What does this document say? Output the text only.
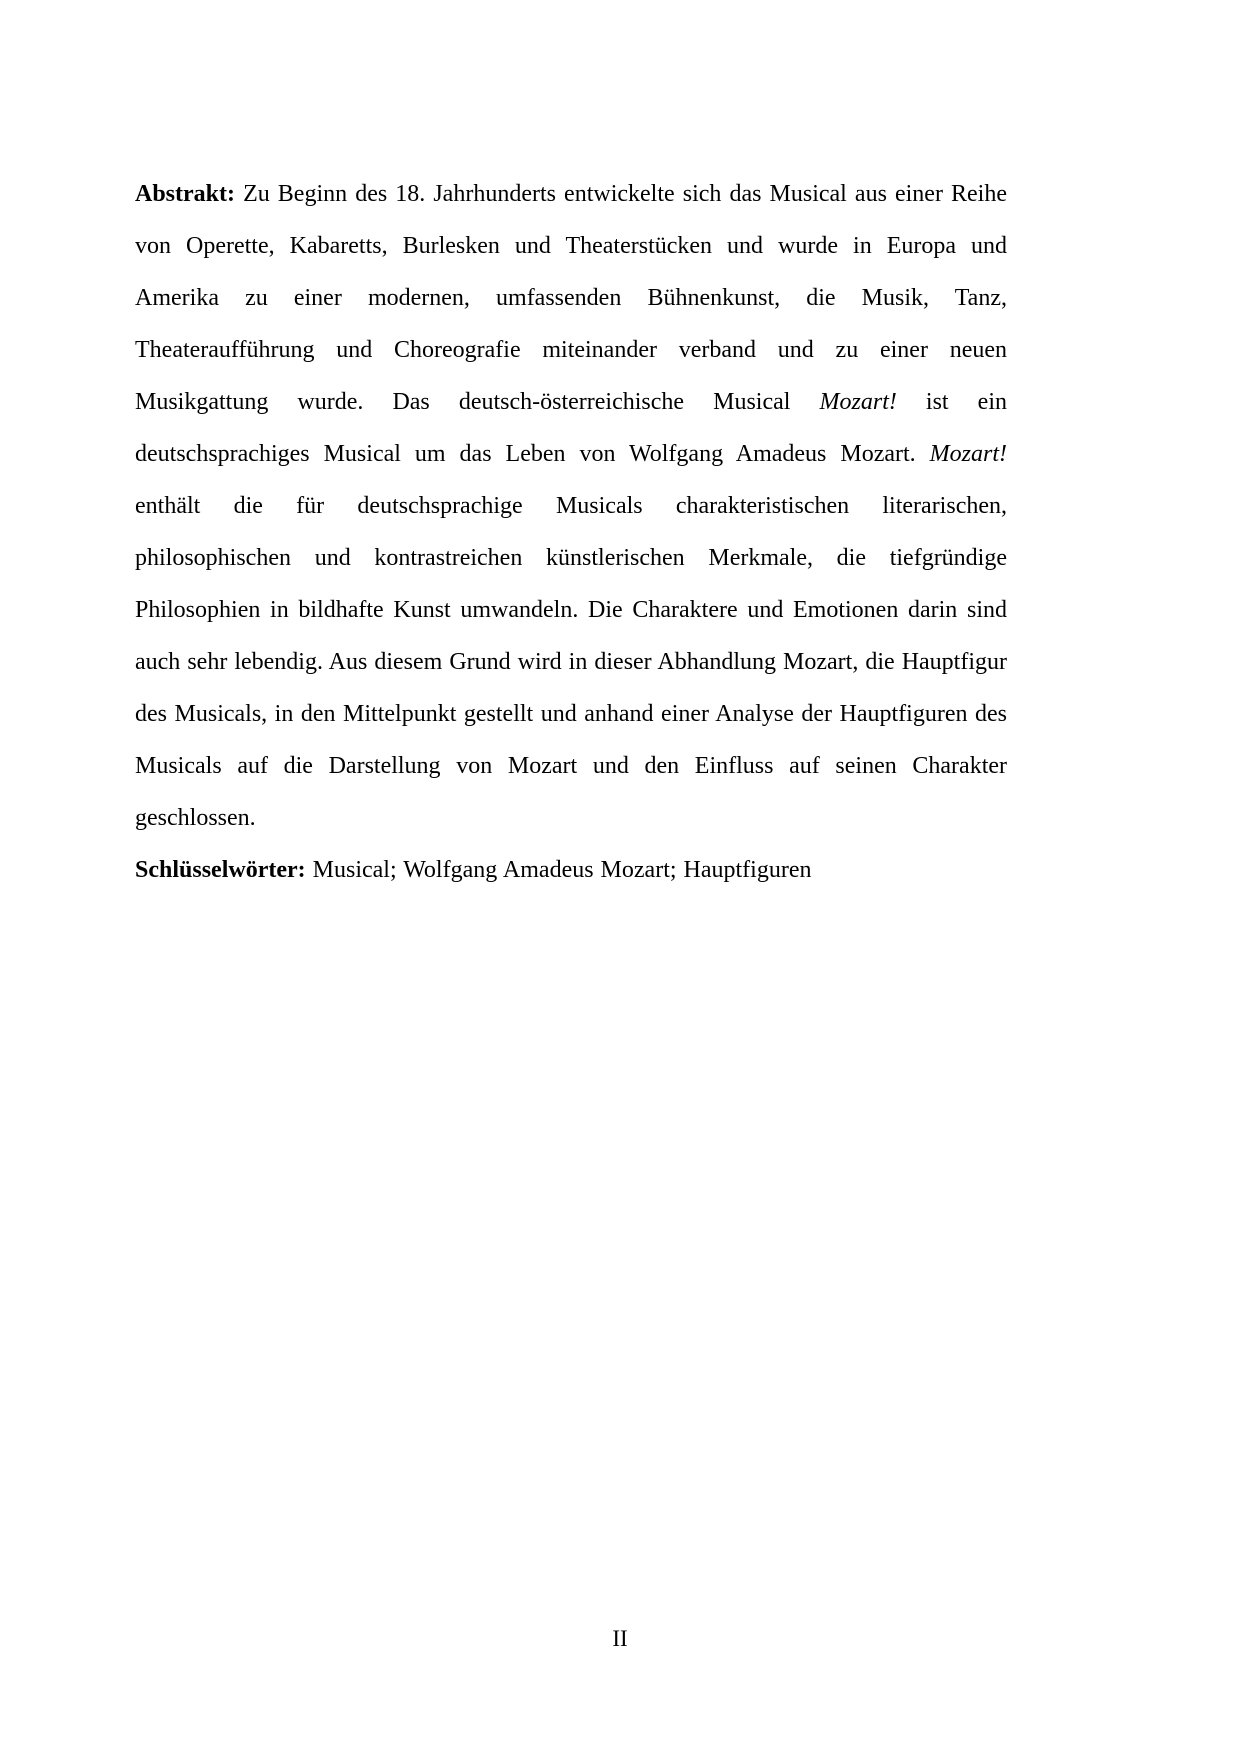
Abstrakt: Zu Beginn des 18. Jahrhunderts entwickelte sich das Musical aus einer Reihe von Operette, Kabaretts, Burlesken und Theaterstücken und wurde in Europa und Amerika zu einer modernen, umfassenden Bühnenkunst, die Musik, Tanz, Theateraufführung und Choreografie miteinander verband und zu einer neuen Musikgattung wurde. Das deutsch-österreichische Musical Mozart! ist ein deutschsprachiges Musical um das Leben von Wolfgang Amadeus Mozart. Mozart! enthält die für deutschsprachige Musicals charakteristischen literarischen, philosophischen und kontrastreichen künstlerischen Merkmale, die tiefgründige Philosophien in bildhafte Kunst umwandeln. Die Charaktere und Emotionen darin sind auch sehr lebendig. Aus diesem Grund wird in dieser Abhandlung Mozart, die Hauptfigur des Musicals, in den Mittelpunkt gestellt und anhand einer Analyse der Hauptfiguren des Musicals auf die Darstellung von Mozart und den Einfluss auf seinen Charakter geschlossen.

Schlüsselwörter: Musical; Wolfgang Amadeus Mozart; Hauptfiguren

II
